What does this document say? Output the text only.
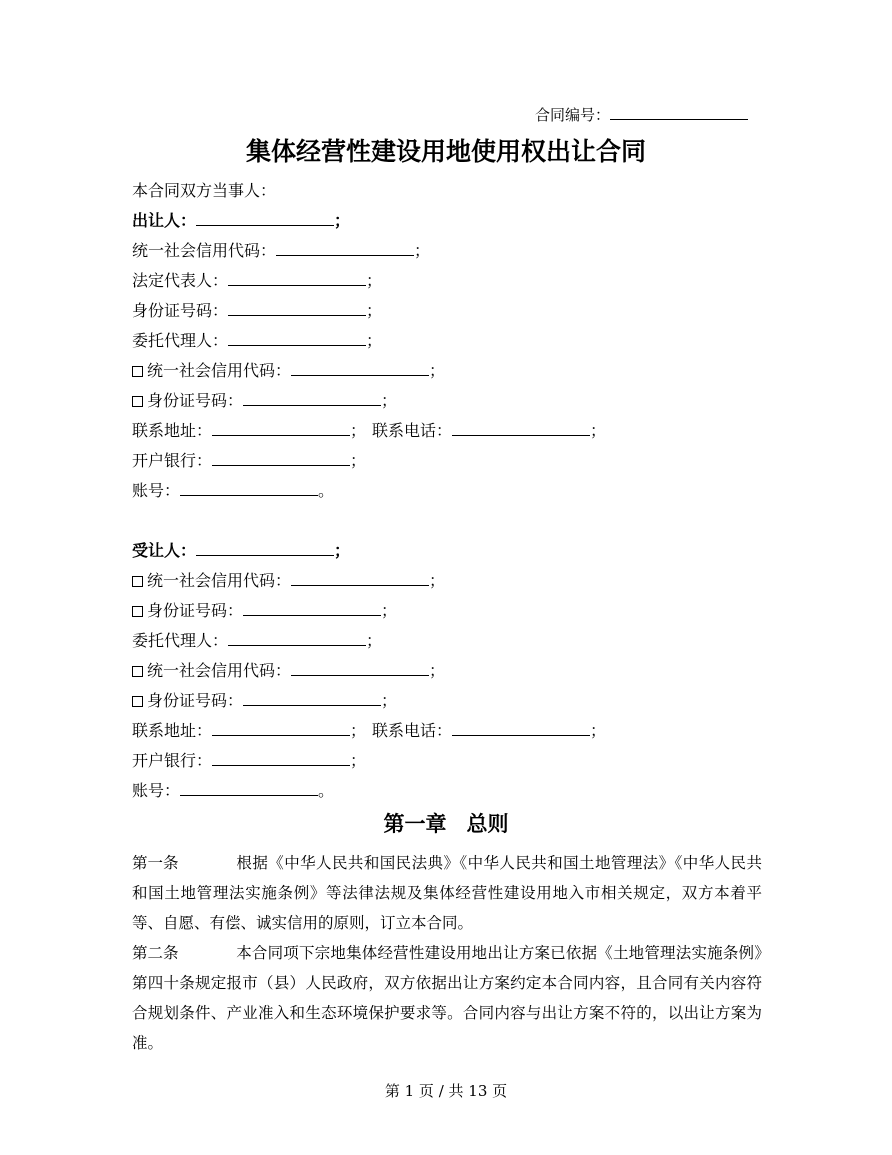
合同编号：
集体经营性建设用地使用权出让合同
本合同双方当事人：
出让人：	；
统一社会信用代码：	；
法定代表人：	；
身份证号码：	；
委托代理人：	；
统一社会信用代码：	；
身份证号码：	；
联系地址：	； 联系电话：	；
开户银行：	；
账号：	。
受让人：	；
统一社会信用代码：	；
身份证号码：	；
委托代理人：	；
统一社会信用代码：	；
身份证号码：	；
联系地址：	； 联系电话：	；
开户银行：	；
账号：	。
第一章 总则
第一条	根据《中华人民共和国民法典》《中华人民共和国土地管理法》《中华人民共和国土地管理法实施条例》等法律法规及集体经营性建设用地入市相关规定，双方本着平等、自愿、有偿、诚实信用的原则，订立本合同。
第二条	本合同项下宗地集体经营性建设用地出让方案已依据《土地管理法实施条例》第四十条规定报市（县）人民政府，双方依据出让方案约定本合同内容，且合同有关内容符合规划条件、产业准入和生态环境保护要求等。合同内容与出让方案不符的，以出让方案为准。
第 1 页 / 共 13 页
